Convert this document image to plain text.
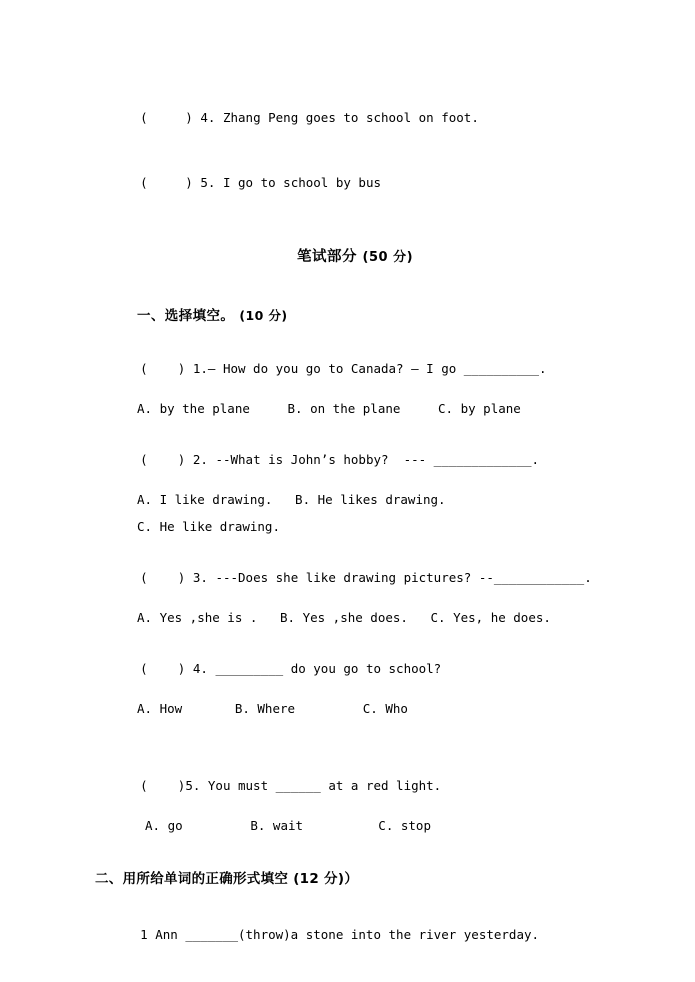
(     ) 4. Zhang Peng goes to school on foot.

(     ) 5. I go to school by bus

笔试部分 (50 分)
一、选择填空。 (10 分)

(    ) 1.— How do you go to Canada? — I go __________.

A. by the plane     B. on the plane     C. by plane

(    ) 2. --What is John’s hobby?  --- _____________.

A. I like drawing.   B. He likes drawing.
C. He like drawing.

(    ) 3. ---Does she like drawing pictures? --____________.

A. Yes ,she is .   B. Yes ,she does.   C. Yes, he does.

(    ) 4. _________ do you go to school?

A. How       B. Where         C. Who

(    )5. You must ______ at a red light.

A. go         B. wait          C. stop
二、用所给单词的正确形式填空 (12 分)）

1 Ann _______(throw)a stone into the river yesterday.
